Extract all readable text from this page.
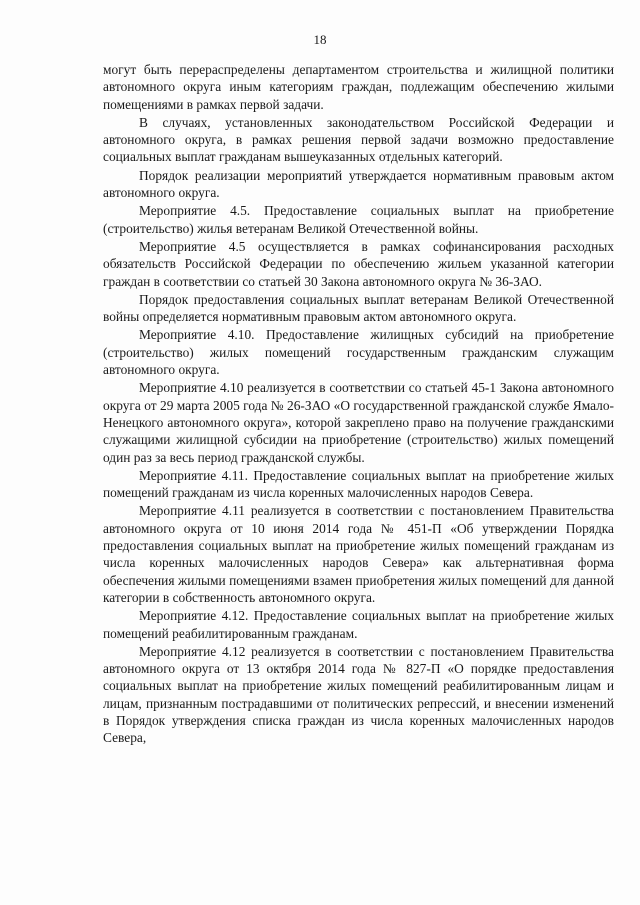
18

могут быть перераспределены департаментом строительства и жилищной политики автономного округа иным категориям граждан, подлежащим обеспечению жилыми помещениями в рамках первой задачи.

В случаях, установленных законодательством Российской Федерации и автономного округа, в рамках решения первой задачи возможно предоставление социальных выплат гражданам вышеуказанных отдельных категорий.

Порядок реализации мероприятий утверждается нормативным правовым актом автономного округа.

Мероприятие 4.5. Предоставление социальных выплат на приобретение (строительство) жилья ветеранам Великой Отечественной войны.

Мероприятие 4.5 осуществляется в рамках софинансирования расходных обязательств Российской Федерации по обеспечению жильем указанной категории граждан в соответствии со статьей 30 Закона автономного округа № 36-ЗАО.

Порядок предоставления социальных выплат ветеранам Великой Отечественной войны определяется нормативным правовым актом автономного округа.

Мероприятие 4.10. Предоставление жилищных субсидий на приобретение (строительство) жилых помещений государственным гражданским служащим автономного округа.

Мероприятие 4.10 реализуется в соответствии со статьей 45-1 Закона автономного округа от 29 марта 2005 года № 26-ЗАО «О государственной гражданской службе Ямало-Ненецкого автономного округа», которой закреплено право на получение гражданскими служащими жилищной субсидии на приобретение (строительство) жилых помещений один раз за весь период гражданской службы.

Мероприятие 4.11. Предоставление социальных выплат на приобретение жилых помещений гражданам из числа коренных малочисленных народов Севера.

Мероприятие 4.11 реализуется в соответствии с постановлением Правительства автономного округа от 10 июня 2014 года № 451-П «Об утверждении Порядка предоставления социальных выплат на приобретение жилых помещений гражданам из числа коренных малочисленных народов Севера» как альтернативная форма обеспечения жилыми помещениями взамен приобретения жилых помещений для данной категории в собственность автономного округа.

Мероприятие 4.12. Предоставление социальных выплат на приобретение жилых помещений реабилитированным гражданам.

Мероприятие 4.12 реализуется в соответствии с постановлением Правительства автономного округа от 13 октября 2014 года № 827-П «О порядке предоставления социальных выплат на приобретение жилых помещений реабилитированным лицам и лицам, признанным пострадавшими от политических репрессий, и внесении изменений в Порядок утверждения списка граждан из числа коренных малочисленных народов Севера,
